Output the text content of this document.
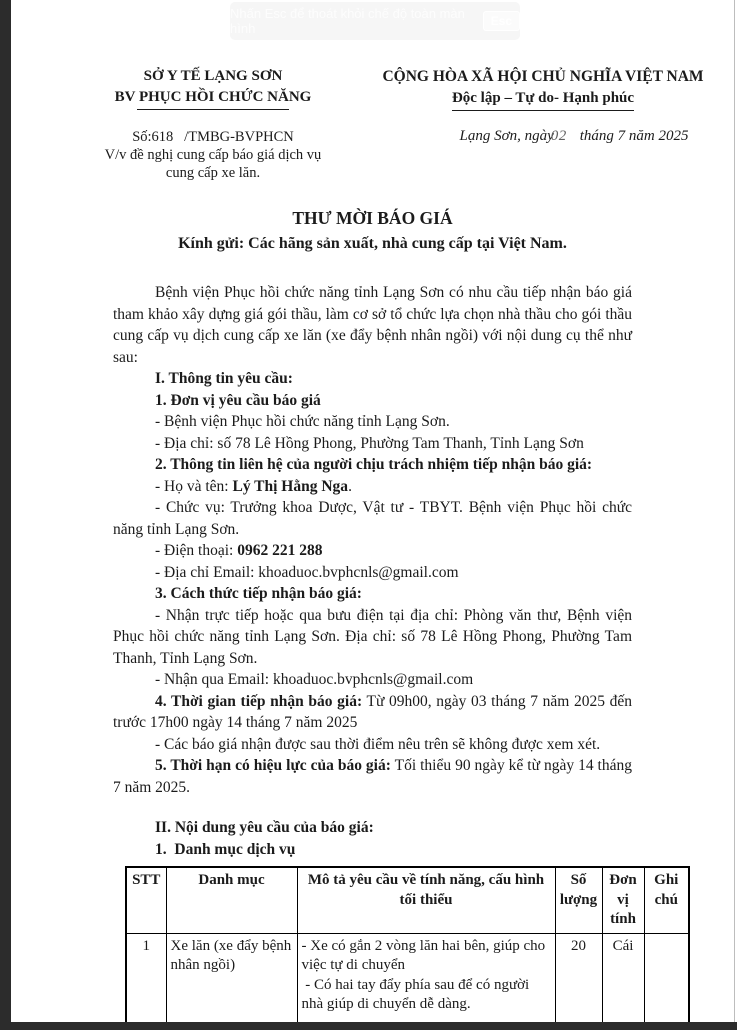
Nhấn Esc để thoát khỏi chế độ toàn màn hình	Esc
SỞ Y TẾ LẠNG SƠN
BV PHỤC HỒI CHỨC NĂNG
CỘNG HÒA XÃ HỘI CHỦ NGHĨA VIỆT NAM
Độc lập – Tự do- Hạnh phúc
Số:618   /TMBG-BVPHCN
V/v đề nghị cung cấp báo giá dịch vụ
cung cấp xe lăn.
Lạng Sơn, ngày02 tháng 7 năm 2025
THƯ MỜI BÁO GIÁ
Kính gửi: Các hãng sản xuất, nhà cung cấp tại Việt Nam.

Bệnh viện Phục hồi chức năng tỉnh Lạng Sơn có nhu cầu tiếp nhận báo giá tham khảo xây dựng giá gói thầu, làm cơ sở tổ chức lựa chọn nhà thầu cho gói thầu cung cấp vụ dịch cung cấp xe lăn (xe đẩy bệnh nhân ngồi) với nội dung cụ thể như sau:

I. Thông tin yêu cầu:

1. Đơn vị yêu cầu báo giá

- Bệnh viện Phục hồi chức năng tỉnh Lạng Sơn.

- Địa chỉ: số 78 Lê Hồng Phong, Phường Tam Thanh, Tỉnh Lạng Sơn

2. Thông tin liên hệ của người chịu trách nhiệm tiếp nhận báo giá:

- Họ và tên: Lý Thị Hằng Nga.

- Chức vụ: Trưởng khoa Dược, Vật tư - TBYT. Bệnh viện Phục hồi chức năng tỉnh Lạng Sơn.

- Điện thoại: 0962 221 288

- Địa chỉ Email: khoaduoc.bvphcnls@gmail.com

3. Cách thức tiếp nhận báo giá:

- Nhận trực tiếp hoặc qua bưu điện tại địa chỉ: Phòng văn thư, Bệnh viện Phục hồi chức năng tỉnh Lạng Sơn. Địa chỉ: số 78 Lê Hồng Phong, Phường Tam Thanh, Tỉnh Lạng Sơn.

- Nhận qua Email: khoaduoc.bvphcnls@gmail.com

4. Thời gian tiếp nhận báo giá: Từ 09h00, ngày 03 tháng 7 năm 2025 đến trước 17h00 ngày 14 tháng 7 năm 2025

- Các báo giá nhận được sau thời điểm nêu trên sẽ không được xem xét.

5. Thời hạn có hiệu lực của báo giá: Tối thiểu 90 ngày kể từ ngày 14 tháng 7 năm 2025.

II. Nội dung yêu cầu của báo giá:

1.  Danh mục dịch vụ

STT	Danh mục	Mô tả yêu cầu về tính năng, cấu hình tối thiểu	Số lượng	Đơn vị tính	Ghi chú
1	Xe lăn (xe đẩy bệnh nhân ngồi)	- Xe có gắn 2 vòng lăn hai bên, giúp cho việc tự di chuyển
- Có hai tay đẩy phía sau để có người nhà giúp di chuyển dễ dàng.	20	Cái	
